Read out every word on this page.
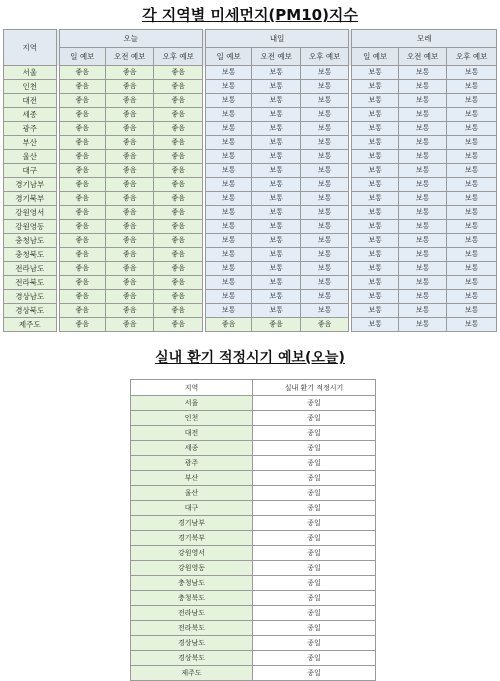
각 지역별 미세먼지(PM10)지수
지역		오늘				내일				모레		
		일 예보	오전 예보	오후 예보		일 예보	오전 예보	오후 예보		일 예보	오전 예보	오후 예보
서울		좋음	좋음	좋음		보통	보통	보통		보통	보통	보통
인천		좋음	좋음	좋음		보통	보통	보통		보통	보통	보통
대전		좋음	좋음	좋음		보통	보통	보통		보통	보통	보통
세종		좋음	좋음	좋음		보통	보통	보통		보통	보통	보통
광주		좋음	좋음	좋음		보통	보통	보통		보통	보통	보통
부산		좋음	좋음	좋음		보통	보통	보통		보통	보통	보통
울산		좋음	좋음	좋음		보통	보통	보통		보통	보통	보통
대구		좋음	좋음	좋음		보통	보통	보통		보통	보통	보통
경기남부		좋음	좋음	좋음		보통	보통	보통		보통	보통	보통
경기북부		좋음	좋음	좋음		보통	보통	보통		보통	보통	보통
강원영서		좋음	좋음	좋음		보통	보통	보통		보통	보통	보통
강원영동		좋음	좋음	좋음		보통	보통	보통		보통	보통	보통
충청남도		좋음	좋음	좋음		보통	보통	보통		보통	보통	보통
충청북도		좋음	좋음	좋음		보통	보통	보통		보통	보통	보통
전라남도		좋음	좋음	좋음		보통	보통	보통		보통	보통	보통
전라북도		좋음	좋음	좋음		보통	보통	보통		보통	보통	보통
경상남도		좋음	좋음	좋음		보통	보통	보통		보통	보통	보통
경상북도		좋음	좋음	좋음		보통	보통	보통		보통	보통	보통
제주도		좋음	좋음	좋음		좋음	좋음	좋음		보통	보통	보통
실내 환기 적정시기 예보(오늘)
지역	실내 환기 적정시기
서울	종일
인천	종일
대전	종일
세종	종일
광주	종일
부산	종일
울산	종일
대구	종일
경기남부	종일
경기북부	종일
강원영서	종일
강원영동	종일
충청남도	종일
충청북도	종일
전라남도	종일
전라북도	종일
경상남도	종일
경상북도	종일
제주도	종일
